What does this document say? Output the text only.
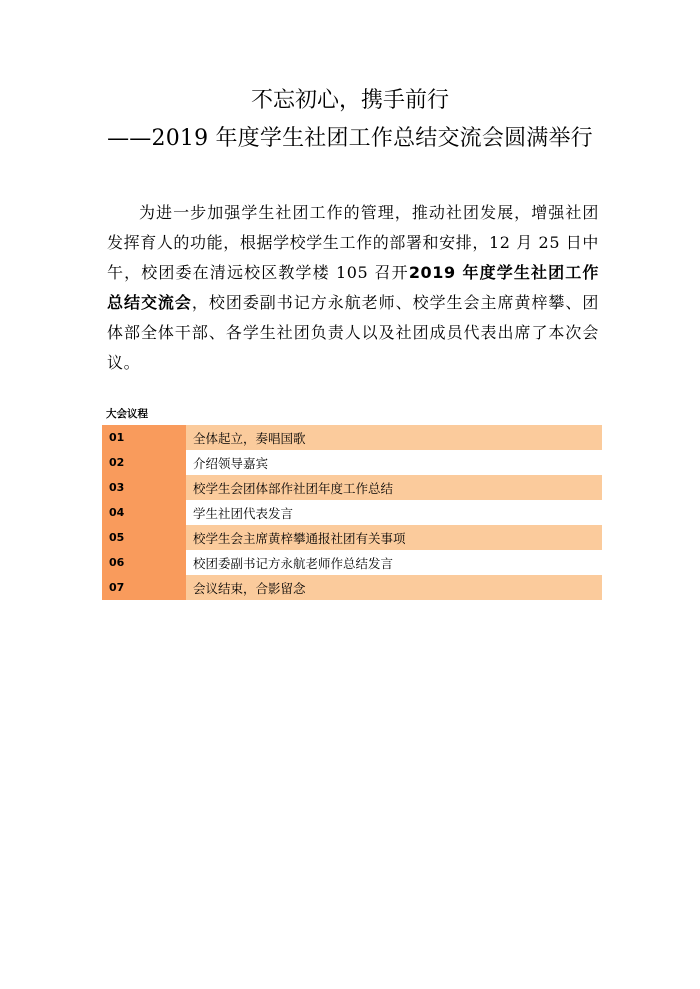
不忘初心，携手前行
——2019 年度学生社团工作总结交流会圆满举行
为进一步加强学生社团工作的管理，推动社团发展，增强社团发挥育人的功能，根据学校学生工作的部署和安排，12 月 25 日中午，校团委在清远校区教学楼 105 召开2019 年度学生社团工作总结交流会，校团委副书记方永航老师、校学生会主席黄梓攀、团体部全体干部、各学生社团负责人以及社团成员代表出席了本次会议。
大会议程
01	全体起立，奏唱国歌
02	介绍领导嘉宾
03	校学生会团体部作社团年度工作总结
04	学生社团代表发言
05	校学生会主席黄梓攀通报社团有关事项
06	校团委副书记方永航老师作总结发言
07	会议结束，合影留念
